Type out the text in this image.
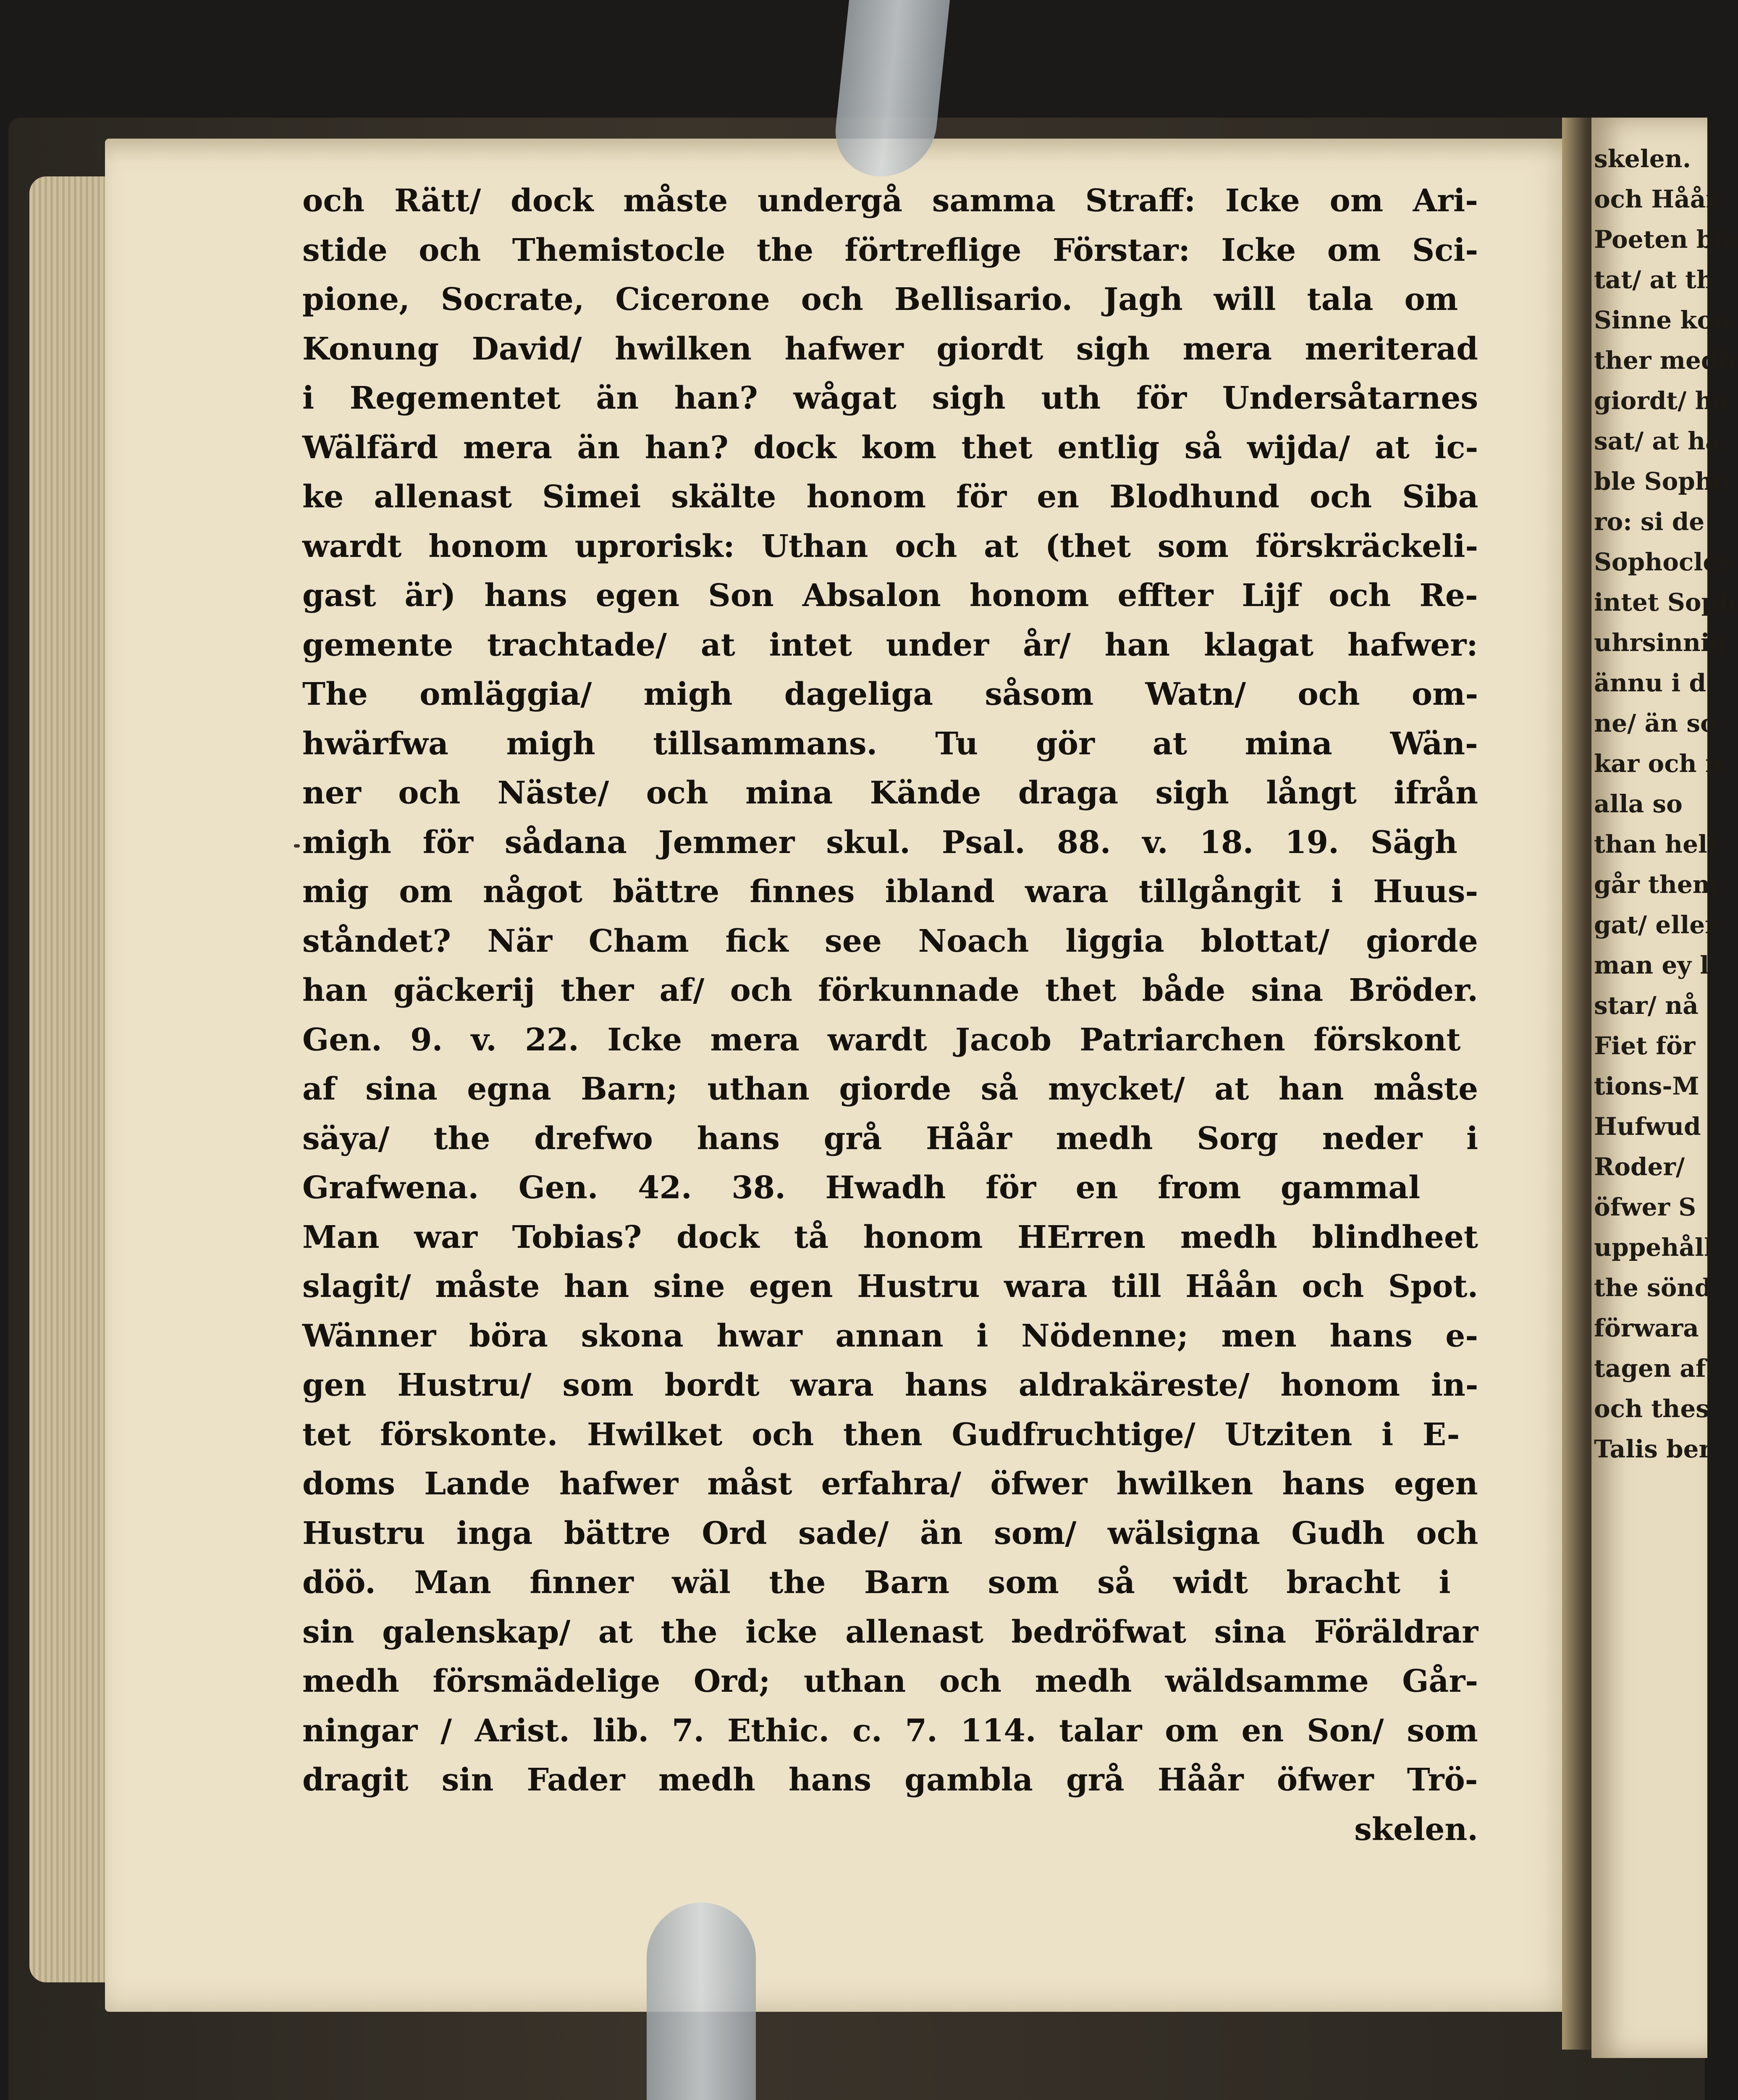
skelen.
och Håår
Poeten ble
tat/ at th
Sinne kon
ther medh
giordt/ ha
sat/ at ha
ble Sopho
ro: si de
Sophocles
intet Soph
uhrsinnig
ännu i d
ne/ än so
kar och n
alla so
than hell
går them
gat/ eller
man ey l
star/ nå
Fiet för
tions-M
Hufwud
Roder/
öfwer S
uppehåll
the sönd
förwara
tagen af
och thes
Talis ber
och Rätt/ dock måste undergå samma Straff: Icke om Ari-
stide och Themistocle the förtreflige Förstar: Icke om Sci-
pione, Socrate, Cicerone och Bellisario. Jagh will tala om
Konung David/ hwilken hafwer giordt sigh mera meriterad
i Regementet än han? wågat sigh uth för Undersåtarnes
Wälfärd mera än han? dock kom thet entlig så wijda/ at ic-
ke allenast Simei skälte honom för en Blodhund och Siba
wardt honom uprorisk: Uthan och at (thet som förskräckeli-
gast är) hans egen Son Absalon honom effter Lijf och Re-
gemente trachtade/ at intet under år/ han klagat hafwer:
The omläggia/ migh dageliga såsom Watn/ och om-
hwärfwa migh tillsammans. Tu gör at mina Wän-
ner och Näste/ och mina Kände draga sigh långt ifrån
migh för sådana Jemmer skul. Psal. 88. v. 18. 19. Sägh
mig om något bättre finnes ibland wara tillgångit i Huus-
ståndet? När Cham fick see Noach liggia blottat/ giorde
han gäckerij ther af/ och förkunnade thet både sina Bröder.
Gen. 9. v. 22. Icke mera wardt Jacob Patriarchen förskont
af sina egna Barn; uthan giorde så mycket/ at han måste
säya/ the drefwo hans grå Håår medh Sorg neder i
Grafwena. Gen. 42. 38. Hwadh för en from gammal
Man war Tobias? dock tå honom HErren medh blindheet
slagit/ måste han sine egen Hustru wara till Håån och Spot.
Wänner böra skona hwar annan i Nödenne; men hans e-
gen Hustru/ som bordt wara hans aldrakäreste/ honom in-
tet förskonte. Hwilket och then Gudfruchtige/ Utziten i E-
doms Lande hafwer måst erfahra/ öfwer hwilken hans egen
Hustru inga bättre Ord sade/ än som/ wälsigna Gudh och
döö. Man finner wäl the Barn som så widt bracht i
sin galenskap/ at the icke allenast bedröfwat sina Föräldrar
medh försmädelige Ord; uthan och medh wäldsamme Går-
ningar / Arist. lib. 7. Ethic. c. 7. 114. talar om en Son/ som
dragit sin Fader medh hans gambla grå Håår öfwer Trö-
skelen.
